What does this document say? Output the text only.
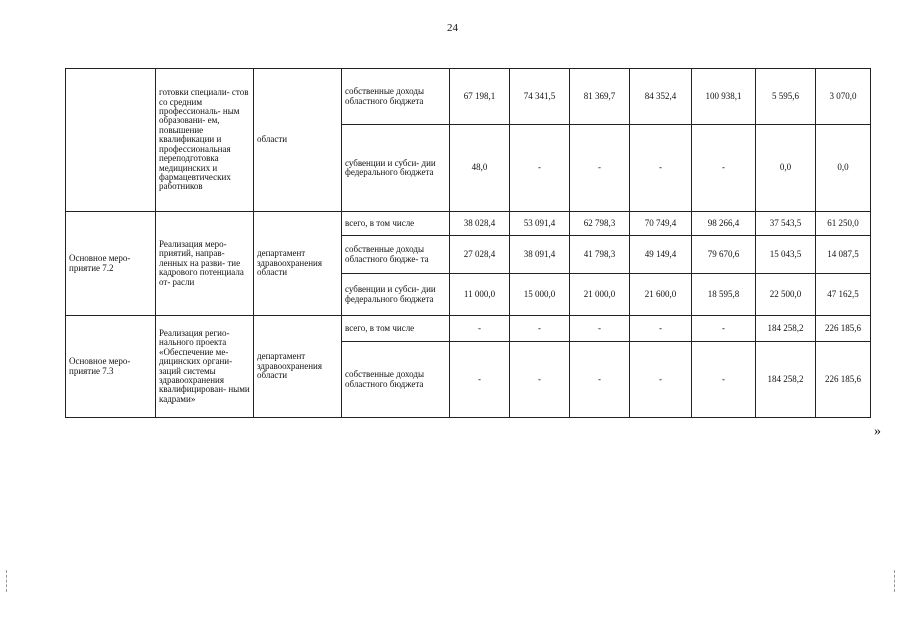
24
	готовки специали- стов со средним профессиональ- ным образовани- ем, повышение квалификации и профессиональная переподготовка медицинских и фармацевтических работников	области	собственные доходы областного бюджета	67 198,1	74 341,5	81 369,7	84 352,4	100 938,1	5 595,6	3 070,0
			субвенции и субси- дии федерального бюджета	48,0	-	-	-	-	0,0	0,0
Основное меро- приятие 7.2	Реализация меро- приятий, направ- ленных на разви- тие кадрового потенциала от- расли	департамент здравоохранения области	всего, в том числе	38 028,4	53 091,4	62 798,3	70 749,4	98 266,4	37 543,5	61 250,0
			собственные доходы областного бюдже- та	27 028,4	38 091,4	41 798,3	49 149,4	79 670,6	15 043,5	14 087,5
			субвенции и субси- дии федерального бюджета	11 000,0	15 000,0	21 000,0	21 600,0	18 595,8	22 500,0	47 162,5
Основное меро- приятие 7.3	Реализация регио- нального проекта «Обеспечение ме- дицинских органи- заций системы здравоохранения квалифицирован- ными кадрами»	департамент здравоохранения области	всего, в том числе	-	-	-	-	-	184 258,2	226 185,6
			собственные доходы областного бюджета	-	-	-	-	-	184 258,2	226 185,6
»
